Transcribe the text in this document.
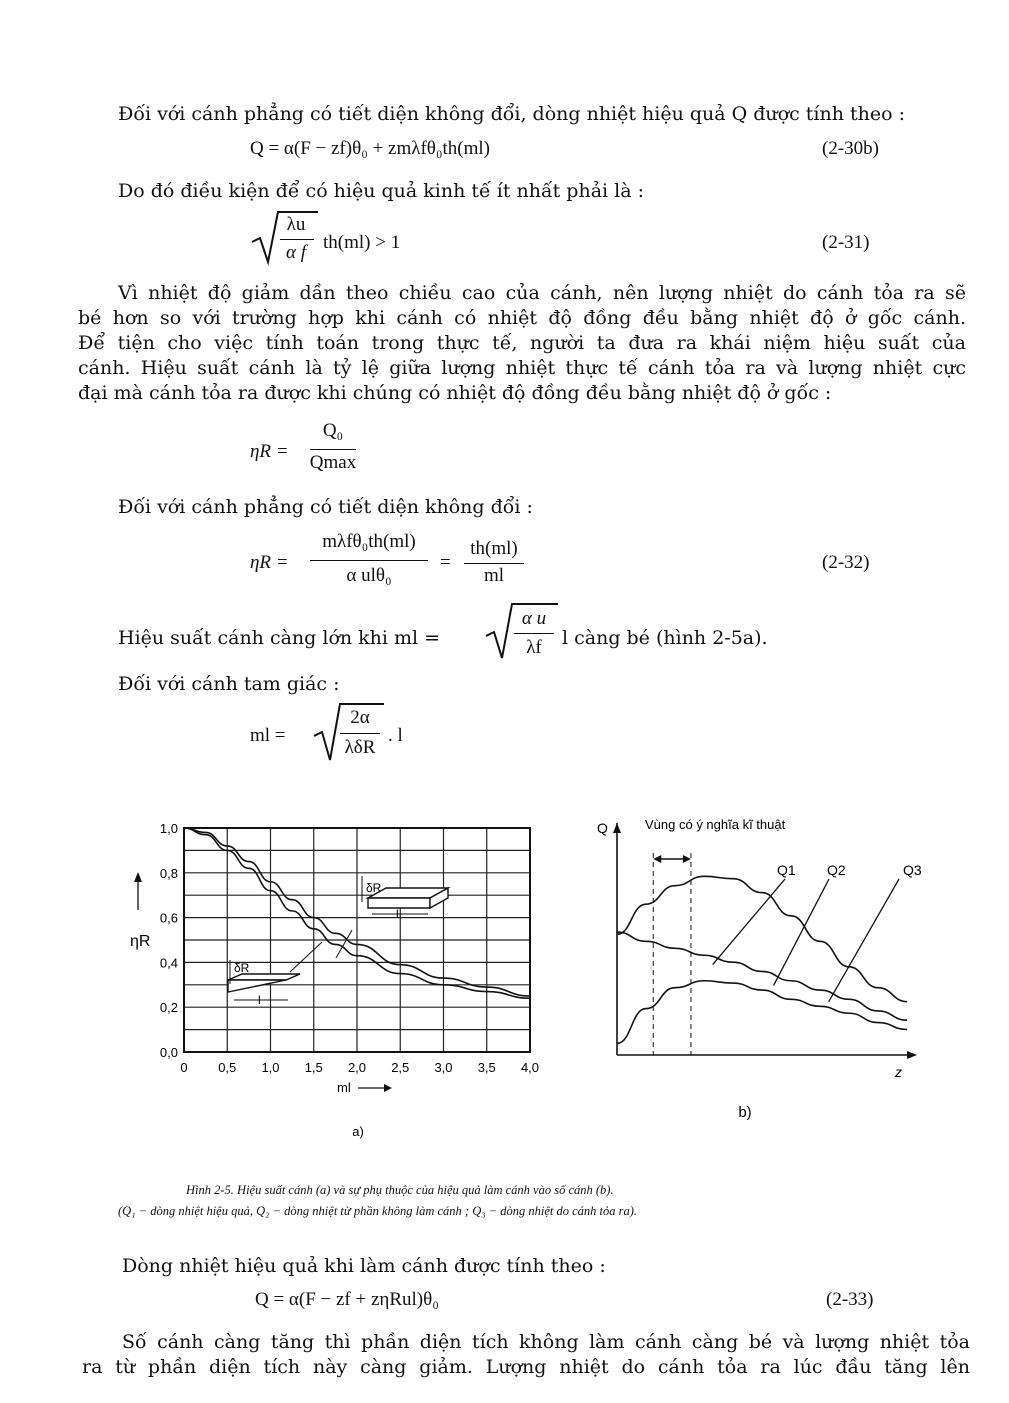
Đối với cánh phẳng có tiết diện không đổi, dòng nhiệt hiệu quả Q được tính theo :
Q = α(F − zf)θ₀ + zmλfθ₀th(ml)	(2-30b)
Do đó điều kiện để có hiệu quả kinh tế ít nhất phải là :
λu
α f th(ml) > 1	(2-31)
Vì nhiệt độ giảm dần theo chiều cao của cánh, nên lượng nhiệt do cánh tỏa ra sẽ
bé hơn so với trường hợp khi cánh có nhiệt độ đồng đều bằng nhiệt độ ở gốc cánh.
Để tiện cho việc tính toán trong thực tế, người ta đưa ra khái niệm hiệu suất của
cánh. Hiệu suất cánh là tỷ lệ giữa lượng nhiệt thực tế cánh tỏa ra và lượng nhiệt cực
đại mà cánh tỏa ra được khi chúng có nhiệt độ đồng đều bằng nhiệt độ ở gốc :
ηR =
Q₀
Qmax
Đối với cánh phẳng có tiết diện không đổi :
ηR =
mλfθ₀th(ml)
α ulθ₀
=
th(ml)
ml
(2-32)
Hiệu suất cánh càng lớn khi ml =
α u
λf	l càng bé (hình 2-5a).
Đối với cánh tam giác :
ml =
2α
λδR
. l
0 0,5 1,0 1,5 2,0 2,5 3,0 3,5 4,0
0,0
0,2
0,4
0,6
0,8
1,0
ml
a)
ηR
δR
l
δR
l
Q
z
b)
Vùng có ý nghĩa kĩ thuật
Q1 Q2	Q3
Hình 2-5. Hiệu suất cánh (a) và sự phụ thuộc của hiệu quả làm cánh vào số cánh (b).
(Q₁ − dòng nhiệt hiệu quả, Q₂ − dòng nhiệt từ phần không làm cánh ; Q₃ − dòng nhiệt do cánh tỏa ra).
Dòng nhiệt hiệu quả khi làm cánh được tính theo :
Q = α(F − zf + zηRul)θ₀	(2-33)
Số cánh càng tăng thì phần diện tích không làm cánh càng bé và lượng nhiệt tỏa
ra từ phần diện tích này càng giảm. Lượng nhiệt do cánh tỏa ra lúc đầu tăng lên
